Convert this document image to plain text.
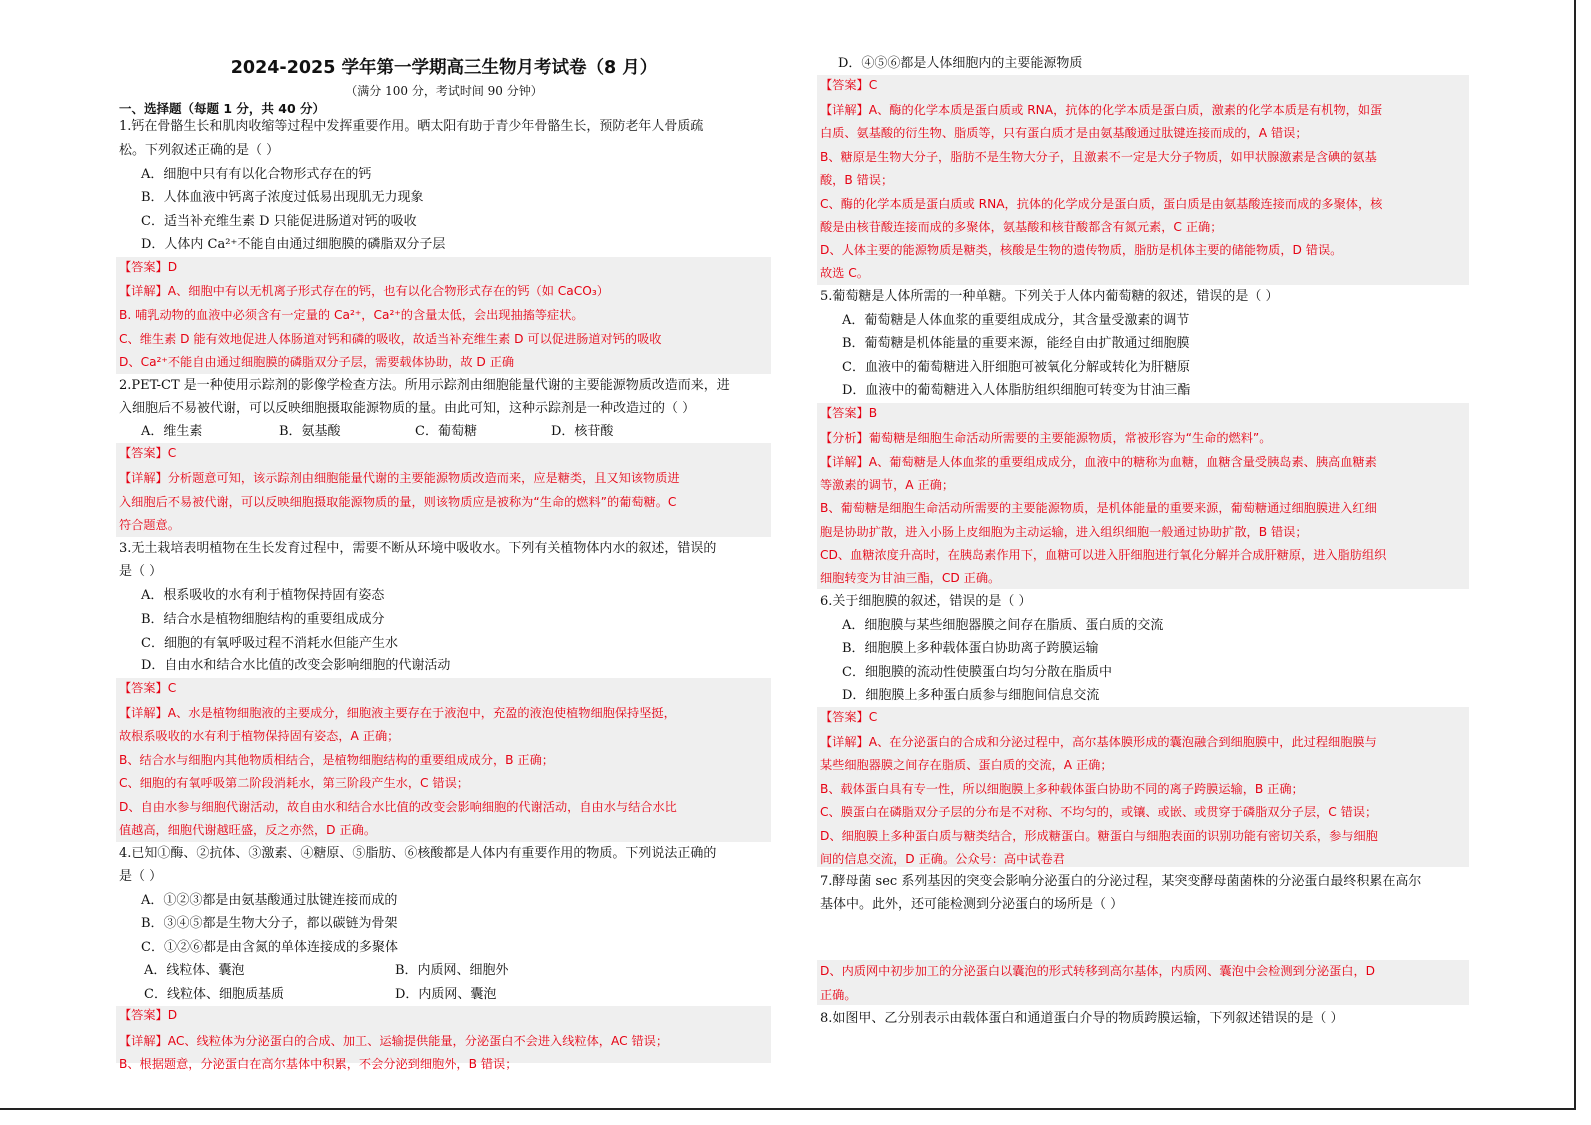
2024-2025 学年第一学期高三生物月考试卷（8 月）
（满分 100 分，考试时间 90 分钟）
一、选择题（每题 1 分，共 40 分）
1.钙在骨骼生长和肌肉收缩等过程中发挥重要作用。晒太阳有助于青少年骨骼生长，预防老年人骨质疏
松。下列叙述正确的是（ ）
A．细胞中只有有以化合物形式存在的钙
B．人体血液中钙离子浓度过低易出现肌无力现象
C．适当补充维生素 D 只能促进肠道对钙的吸收
D．人体内 Ca²⁺不能自由通过细胞膜的磷脂双分子层
【答案】D
【详解】A、细胞中有以无机离子形式存在的钙，也有以化合物形式存在的钙（如 CaCO₃）
B. 哺乳动物的血液中必须含有一定量的 Ca²⁺，Ca²⁺的含量太低，会出现抽搐等症状。
C、维生素 D 能有效地促进人体肠道对钙和磷的吸收，故适当补充维生素 D 可以促进肠道对钙的吸收
D、Ca²⁺不能自由通过细胞膜的磷脂双分子层，需要载体协助，故 D 正确
2.PET-CT 是一种使用示踪剂的影像学检查方法。所用示踪剂由细胞能量代谢的主要能源物质改造而来，进
入细胞后不易被代谢，可以反映细胞摄取能源物质的量。由此可知，这种示踪剂是一种改造过的（ ）
A．维生素	B．氨基酸	C．葡萄糖	D．核苷酸
【答案】C
【详解】分析题意可知，该示踪剂由细胞能量代谢的主要能源物质改造而来，应是糖类，且又知该物质进
入细胞后不易被代谢，可以反映细胞摄取能源物质的量，则该物质应是被称为“生命的燃料”的葡萄糖。C
符合题意。
3.无土栽培表明植物在生长发育过程中，需要不断从环境中吸收水。下列有关植物体内水的叙述，错误的
是（ ）
A．根系吸收的水有利于植物保持固有姿态
B．结合水是植物细胞结构的重要组成成分
C．细胞的有氧呼吸过程不消耗水但能产生水
D．自由水和结合水比值的改变会影响细胞的代谢活动
【答案】C
【详解】A、水是植物细胞液的主要成分，细胞液主要存在于液泡中，充盈的液泡使植物细胞保持坚挺，
故根系吸收的水有利于植物保持固有姿态，A 正确；
B、结合水与细胞内其他物质相结合，是植物细胞结构的重要组成成分，B 正确；
C、细胞的有氧呼吸第二阶段消耗水，第三阶段产生水，C 错误；
D、自由水参与细胞代谢活动，故自由水和结合水比值的改变会影响细胞的代谢活动，自由水与结合水比
值越高，细胞代谢越旺盛，反之亦然，D 正确。
4.已知①酶、②抗体、③激素、④糖原、⑤脂肪、⑥核酸都是人体内有重要作用的物质。下列说法正确的
是（ ）
A．①②③都是由氨基酸通过肽键连接而成的
B．③④⑤都是生物大分子，都以碳链为骨架
C．①②⑥都是由含氮的单体连接成的多聚体
A．线粒体、囊泡	B．内质网、细胞外
C．线粒体、细胞质基质	D．内质网、囊泡
【答案】D
【详解】AC、线粒体为分泌蛋白的合成、加工、运输提供能量，分泌蛋白不会进入线粒体，AC 错误；
B、根据题意，分泌蛋白在高尔基体中积累，不会分泌到细胞外，B 错误；
D．④⑤⑥都是人体细胞内的主要能源物质
【答案】C
【详解】A、酶的化学本质是蛋白质或 RNA，抗体的化学本质是蛋白质，激素的化学本质是有机物，如蛋
白质、氨基酸的衍生物、脂质等，只有蛋白质才是由氨基酸通过肽键连接而成的，A 错误；
B、糖原是生物大分子，脂肪不是生物大分子，且激素不一定是大分子物质，如甲状腺激素是含碘的氨基
酸，B 错误；
C、酶的化学本质是蛋白质或 RNA，抗体的化学成分是蛋白质，蛋白质是由氨基酸连接而成的多聚体，核
酸是由核苷酸连接而成的多聚体，氨基酸和核苷酸都含有氮元素，C 正确；
D、人体主要的能源物质是糖类，核酸是生物的遗传物质，脂肪是机体主要的储能物质，D 错误。
故选 C。
5.葡萄糖是人体所需的一种单糖。下列关于人体内葡萄糖的叙述，错误的是（ ）
A．葡萄糖是人体血浆的重要组成成分，其含量受激素的调节
B．葡萄糖是机体能量的重要来源，能经自由扩散通过细胞膜
C．血液中的葡萄糖进入肝细胞可被氧化分解或转化为肝糖原
D．血液中的葡萄糖进入人体脂肪组织细胞可转变为甘油三酯
【答案】B
【分析】葡萄糖是细胞生命活动所需要的主要能源物质，常被形容为“生命的燃料”。
【详解】A、葡萄糖是人体血浆的重要组成成分，血液中的糖称为血糖，血糖含量受胰岛素、胰高血糖素
等激素的调节，A 正确；
B、葡萄糖是细胞生命活动所需要的主要能源物质，是机体能量的重要来源，葡萄糖通过细胞膜进入红细
胞是协助扩散，进入小肠上皮细胞为主动运输，进入组织细胞一般通过协助扩散，B 错误；
CD、血糖浓度升高时，在胰岛素作用下，血糖可以进入肝细胞进行氧化分解并合成肝糖原，进入脂肪组织
细胞转变为甘油三酯，CD 正确。
6.关于细胞膜的叙述，错误的是（ ）
A．细胞膜与某些细胞器膜之间存在脂质、蛋白质的交流
B．细胞膜上多种载体蛋白协助离子跨膜运输
C．细胞膜的流动性使膜蛋白均匀分散在脂质中
D．细胞膜上多种蛋白质参与细胞间信息交流
【答案】C
【详解】A、在分泌蛋白的合成和分泌过程中，高尔基体膜形成的囊泡融合到细胞膜中，此过程细胞膜与
某些细胞器膜之间存在脂质、蛋白质的交流，A 正确；
B、载体蛋白具有专一性，所以细胞膜上多种载体蛋白协助不同的离子跨膜运输，B 正确；
C、膜蛋白在磷脂双分子层的分布是不对称、不均匀的，或镶、或嵌、或贯穿于磷脂双分子层，C 错误；
D、细胞膜上多种蛋白质与糖类结合，形成糖蛋白。糖蛋白与细胞表面的识别功能有密切关系，参与细胞
间的信息交流，D 正确。公众号：高中试卷君
7.酵母菌 sec 系列基因的突变会影响分泌蛋白的分泌过程，某突变酵母菌菌株的分泌蛋白最终积累在高尔
基体中。此外，还可能检测到分泌蛋白的场所是（ ）
D、内质网中初步加工的分泌蛋白以囊泡的形式转移到高尔基体，内质网、囊泡中会检测到分泌蛋白，D
正确。
8.如图甲、乙分别表示由载体蛋白和通道蛋白介导的物质跨膜运输，下列叙述错误的是（ ）
